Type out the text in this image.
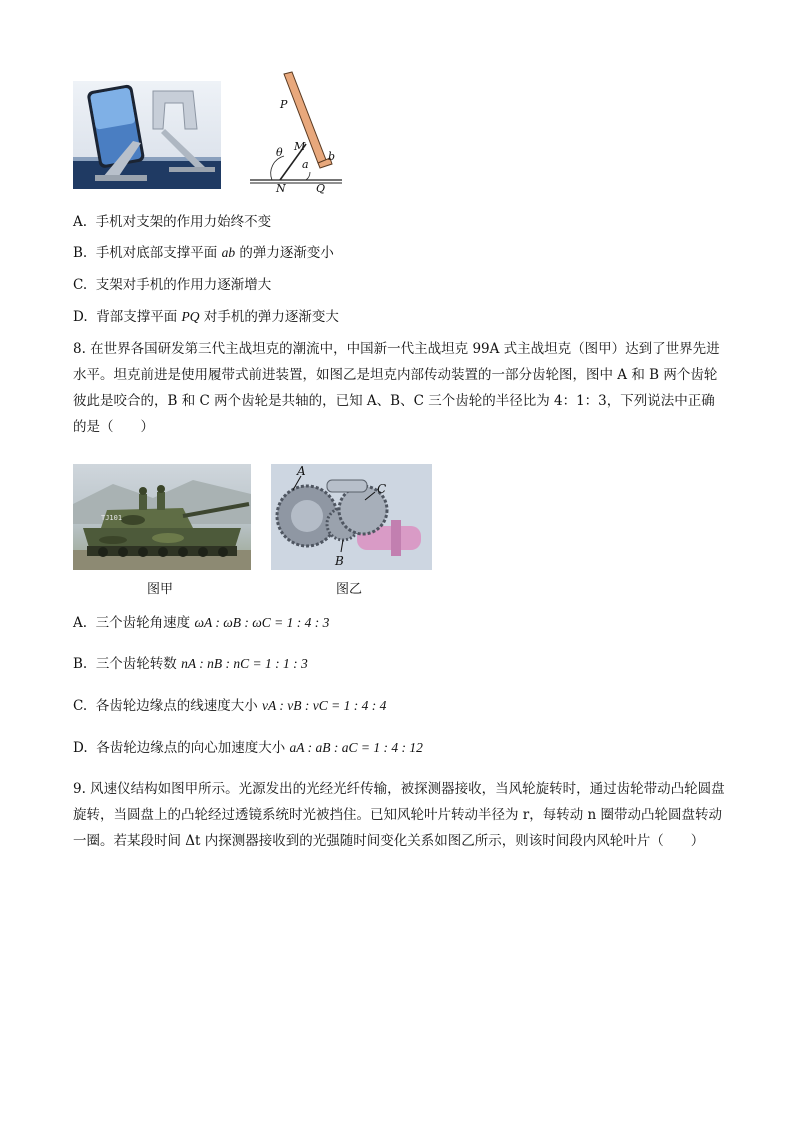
P
θ M
b
a
N	Q
A. 手机对支架的作用力始终不变
B. 手机对底部支撑平面 ab 的弹力逐渐变小
C. 支架对手机的作用力逐渐增大
D. 背部支撑平面 PQ 对手机的弹力逐渐变大
8. 在世界各国研发第三代主战坦克的潮流中，中国新一代主战坦克 99A 式主战坦克（图甲）达到了世界先进水平。坦克前进是使用履带式前进装置，如图乙是坦克内部传动装置的一部分齿轮图，图中 A 和 B 两个齿轮彼此是咬合的，B 和 C 两个齿轮是共轴的，已知 A、B、C 三个齿轮的半径比为 4：1：3，下列说法中正确的是（　　）
TJ101
A
C
B
图甲	图乙
A. 三个齿轮角速度 ωA : ωB : ωC = 1 : 4 : 3
B. 三个齿轮转数 nA : nB : nC = 1 : 1 : 3
C. 各齿轮边缘点的线速度大小 vA : vB : vC = 1 : 4 : 4
D. 各齿轮边缘点的向心加速度大小 aA : aB : aC = 1 : 4 : 12
9. 风速仪结构如图甲所示。光源发出的光经光纤传输，被探测器接收，当风轮旋转时，通过齿轮带动凸轮圆盘旋转，当圆盘上的凸轮经过透镜系统时光被挡住。已知风轮叶片转动半径为 r，每转动 n 圈带动凸轮圆盘转动一圈。若某段时间 Δt 内探测器接收到的光强随时间变化关系如图乙所示，则该时间段内风轮叶片（　　）
